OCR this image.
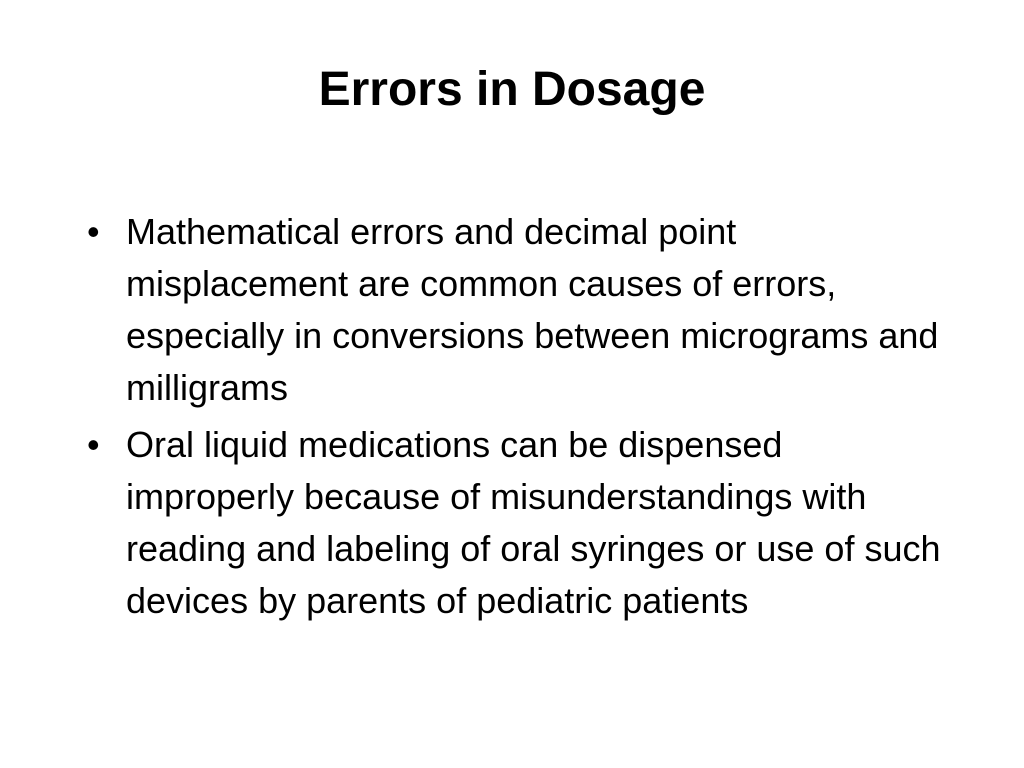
Errors in Dosage
• Mathematical errors and decimal point misplacement are common causes of errors, especially in conversions between micrograms and milligrams
• Oral liquid medications can be dispensed improperly because of misunderstandings with reading and labeling of oral syringes or use of such devices by parents of pediatric patients
